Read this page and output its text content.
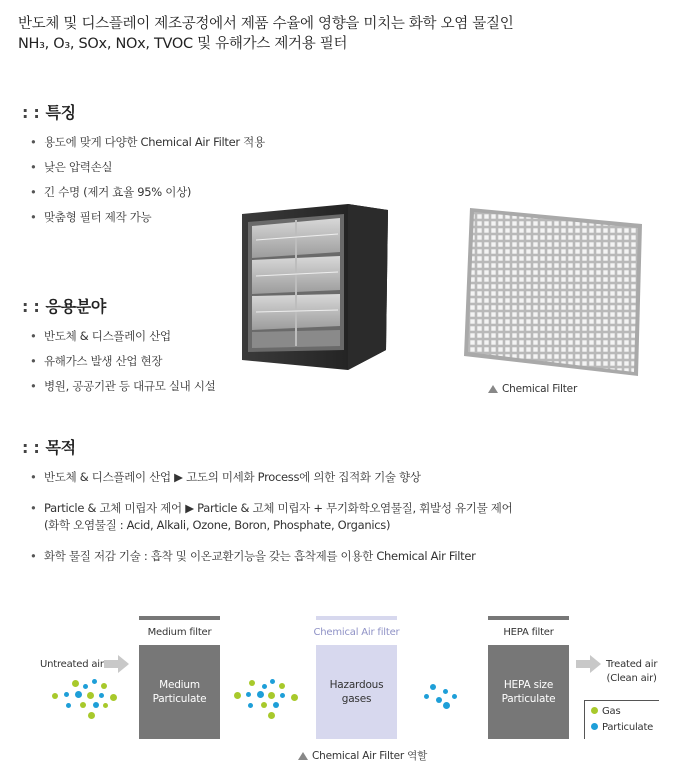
반도체 및 디스플레이 제조공정에서 제품 수율에 영향을 미치는 화학 오염 물질인
NH₃, O₃, SOx, NOx, TVOC 및 유해가스 제거용 필터
: : 특징
• 용도에 맞게 다양한 Chemical Air Filter 적용
• 낮은 압력손실
• 긴 수명 (제거 효율 95% 이상)
• 맞춤형 필터 제작 가능
: : 응용분야
• 반도체 & 디스플레이 산업
• 유해가스 발생 산업 현장
• 병원, 공공기관 등 대규모 실내 시설
: : 목적
• 반도체 & 디스플레이 산업 ▶ 고도의 미세화 Process에 의한 집적화 기술 향상
• Particle & 고체 미립자 제어 ▶ Particle & 고체 미립자 + 무기화학오염물질, 휘발성 유기물 제어
(화학 오염물질 : Acid, Alkali, Ozone, Boron, Phosphate, Organics)
• 화학 물질 저감 기술 : 흡착 및 이온교환기능을 갖는 흡착제를 이용한 Chemical Air Filter
Chemical Filter
Untreated air
Medium filter
Medium
Particulate
Chemical Air filter
Hazardous
gases
HEPA filter
HEPA size
Particulate
Treated air
(Clean air)
Gas
Particulate
Chemical Air Filter 역할
